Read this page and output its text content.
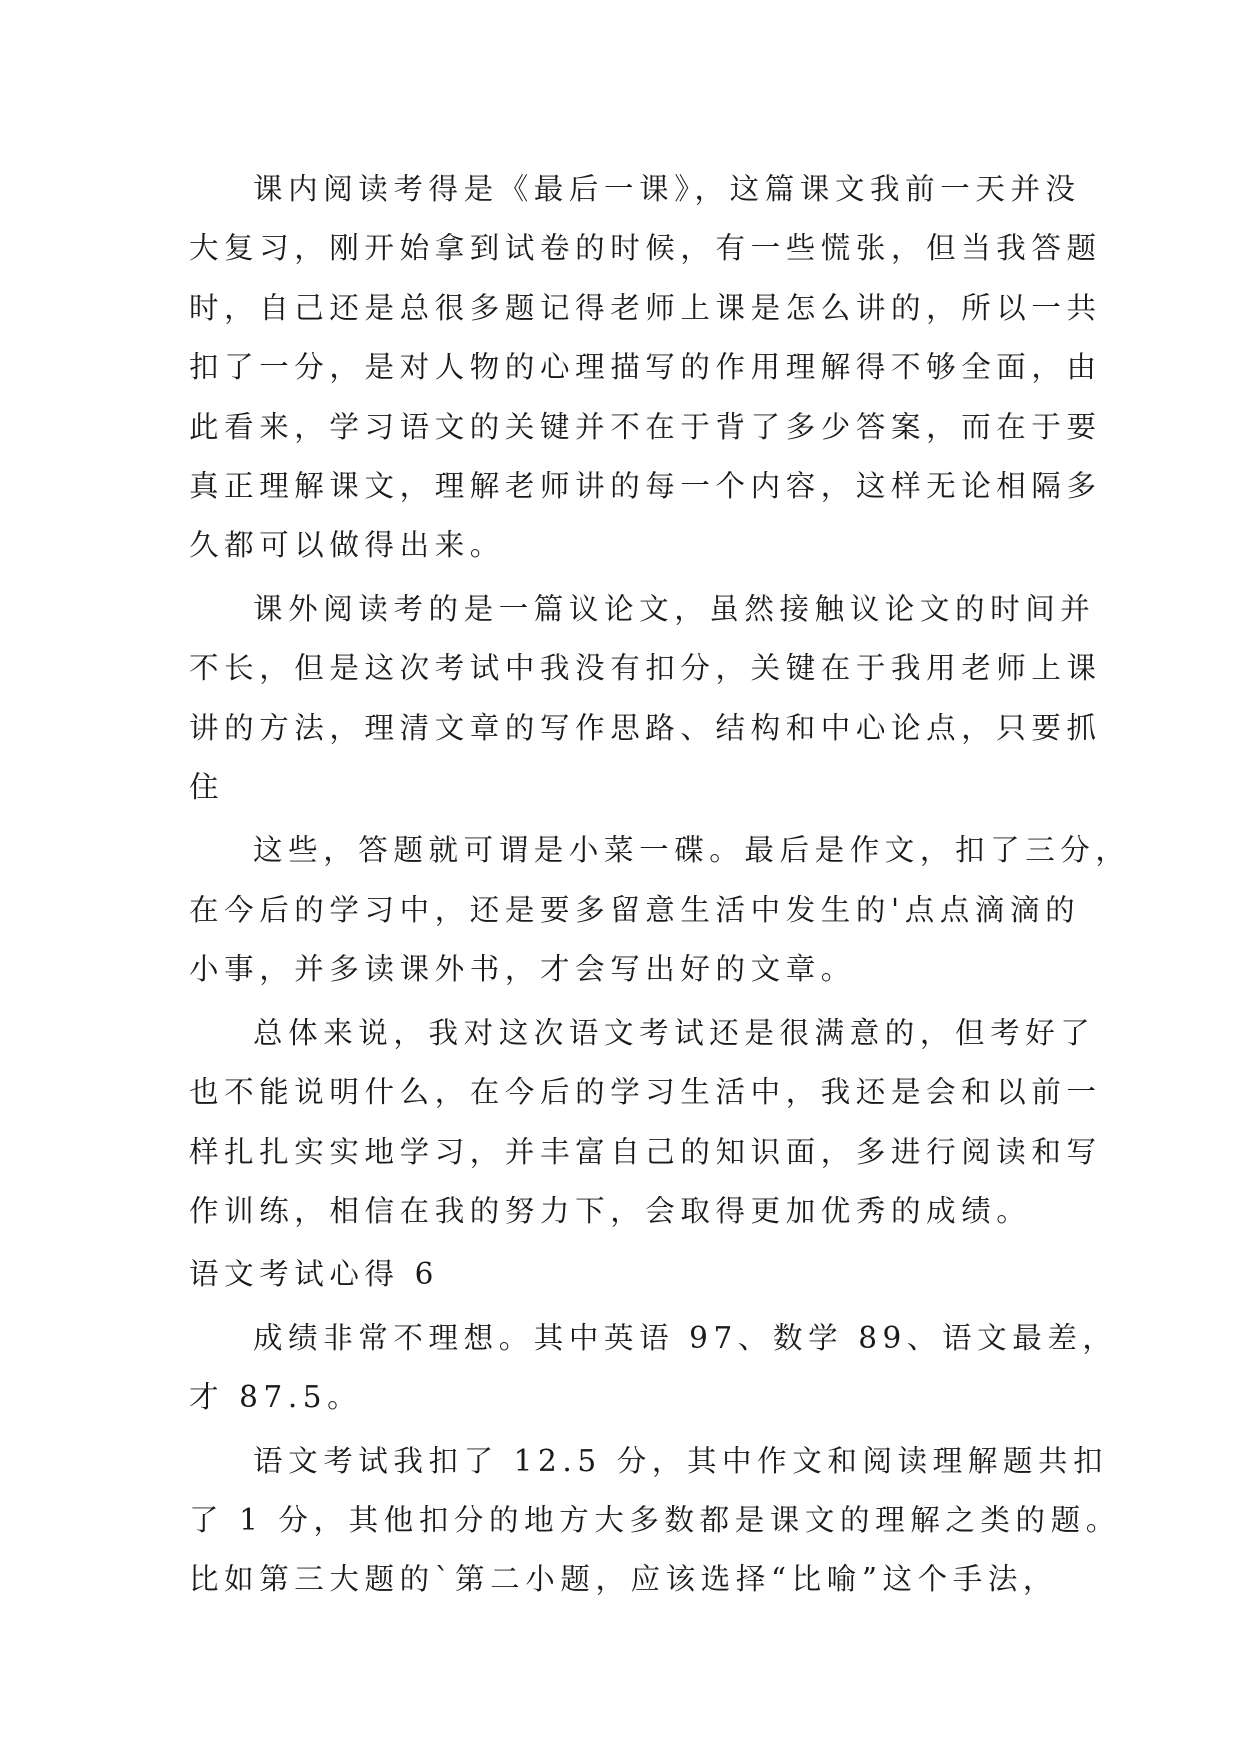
课内阅读考得是《最后一课》，这篇课文我前一天并没
大复习，刚开始拿到试卷的时候，有一些慌张，但当我答题
时，自己还是总很多题记得老师上课是怎么讲的，所以一共
扣了一分，是对人物的心理描写的作用理解得不够全面，由
此看来，学习语文的关键并不在于背了多少答案，而在于要
真正理解课文，理解老师讲的每一个内容，这样无论相隔多
久都可以做得出来。
课外阅读考的是一篇议论文，虽然接触议论文的时间并
不长，但是这次考试中我没有扣分，关键在于我用老师上课
讲的方法，理清文章的写作思路、结构和中心论点，只要抓
住
这些，答题就可谓是小菜一碟。最后是作文，扣了三分，
在今后的学习中，还是要多留意生活中发生的'点点滴滴的
小事，并多读课外书，才会写出好的文章。
总体来说，我对这次语文考试还是很满意的，但考好了
也不能说明什么，在今后的学习生活中，我还是会和以前一
样扎扎实实地学习，并丰富自己的知识面，多进行阅读和写
作训练，相信在我的努力下，会取得更加优秀的成绩。
语文考试心得 6
成绩非常不理想。其中英语 97、数学 89、语文最差，
才 87.5。
语文考试我扣了 12.5 分，其中作文和阅读理解题共扣
了 1 分，其他扣分的地方大多数都是课文的理解之类的题。
比如第三大题的`第二小题，应该选择“比喻”这个手法，
